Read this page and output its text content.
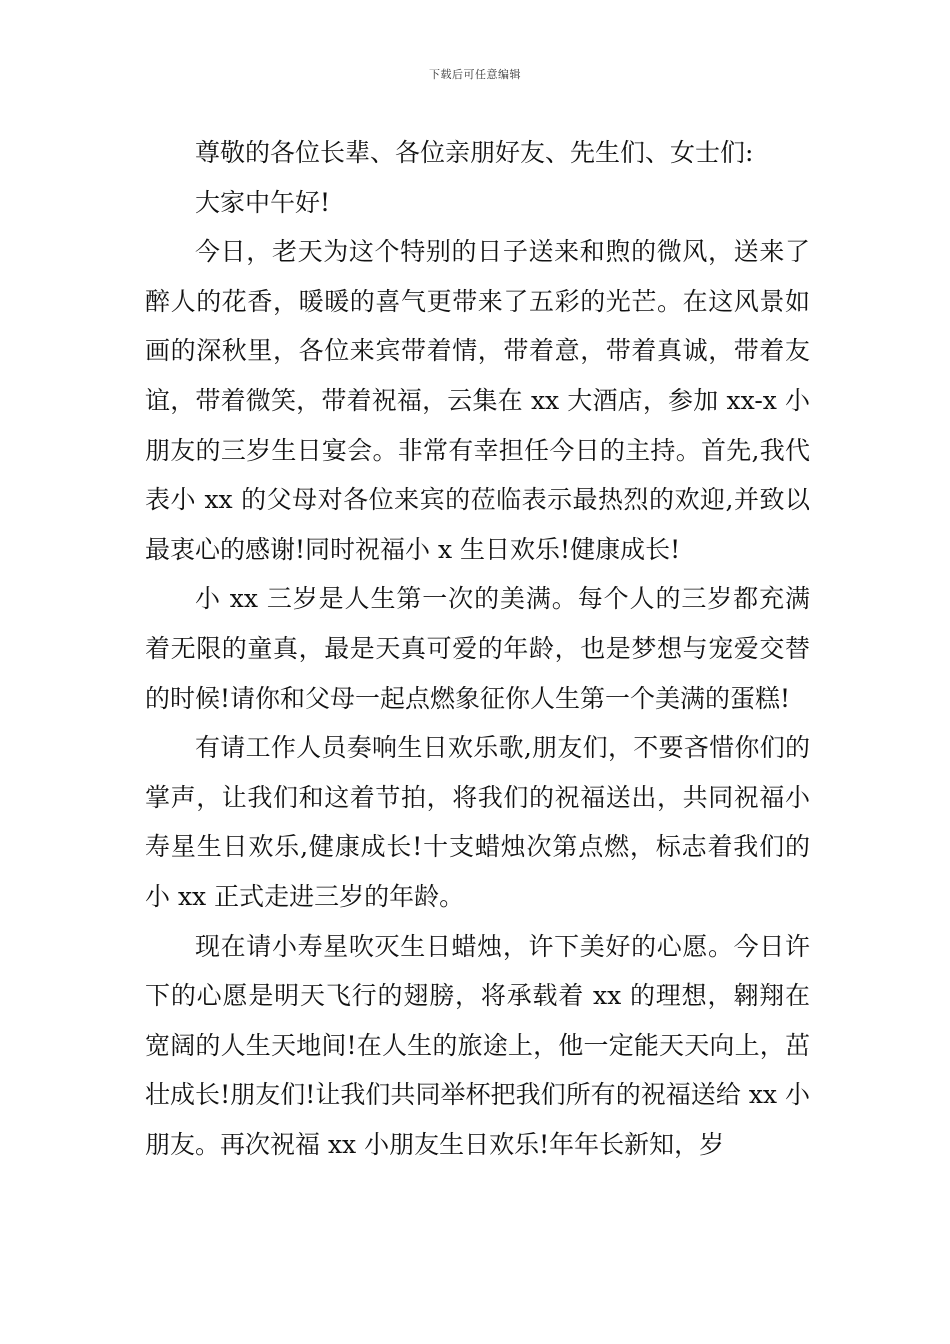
下载后可任意编辑

尊敬的各位长辈、各位亲朋好友、先生们、女士们:

大家中午好!

今日，老天为这个特别的日子送来和煦的微风，送来了醉人的花香，暖暖的喜气更带来了五彩的光芒。在这风景如画的深秋里，各位来宾带着情，带着意，带着真诚，带着友谊，带着微笑，带着祝福，云集在 xx 大酒店，参加 xx-x 小朋友的三岁生日宴会。非常有幸担任今日的主持。首先,我代表小 xx 的父母对各位来宾的莅临表示最热烈的欢迎,并致以最衷心的感谢!同时祝福小 x 生日欢乐!健康成长!

小 xx 三岁是人生第一次的美满。每个人的三岁都充满着无限的童真，最是天真可爱的年龄，也是梦想与宠爱交替的时候!请你和父母一起点燃象征你人生第一个美满的蛋糕!

有请工作人员奏响生日欢乐歌,朋友们，不要吝惜你们的掌声，让我们和这着节拍，将我们的祝福送出，共同祝福小寿星生日欢乐,健康成长!十支蜡烛次第点燃，标志着我们的小 xx 正式走进三岁的年龄。

现在请小寿星吹灭生日蜡烛，许下美好的心愿。今日许下的心愿是明天飞行的翅膀，将承载着 xx 的理想，翱翔在宽阔的人生天地间!在人生的旅途上，他一定能天天向上，茁壮成长!朋友们!让我们共同举杯把我们所有的祝福送给 xx 小朋友。再次祝福 xx 小朋友生日欢乐!年年长新知，岁
